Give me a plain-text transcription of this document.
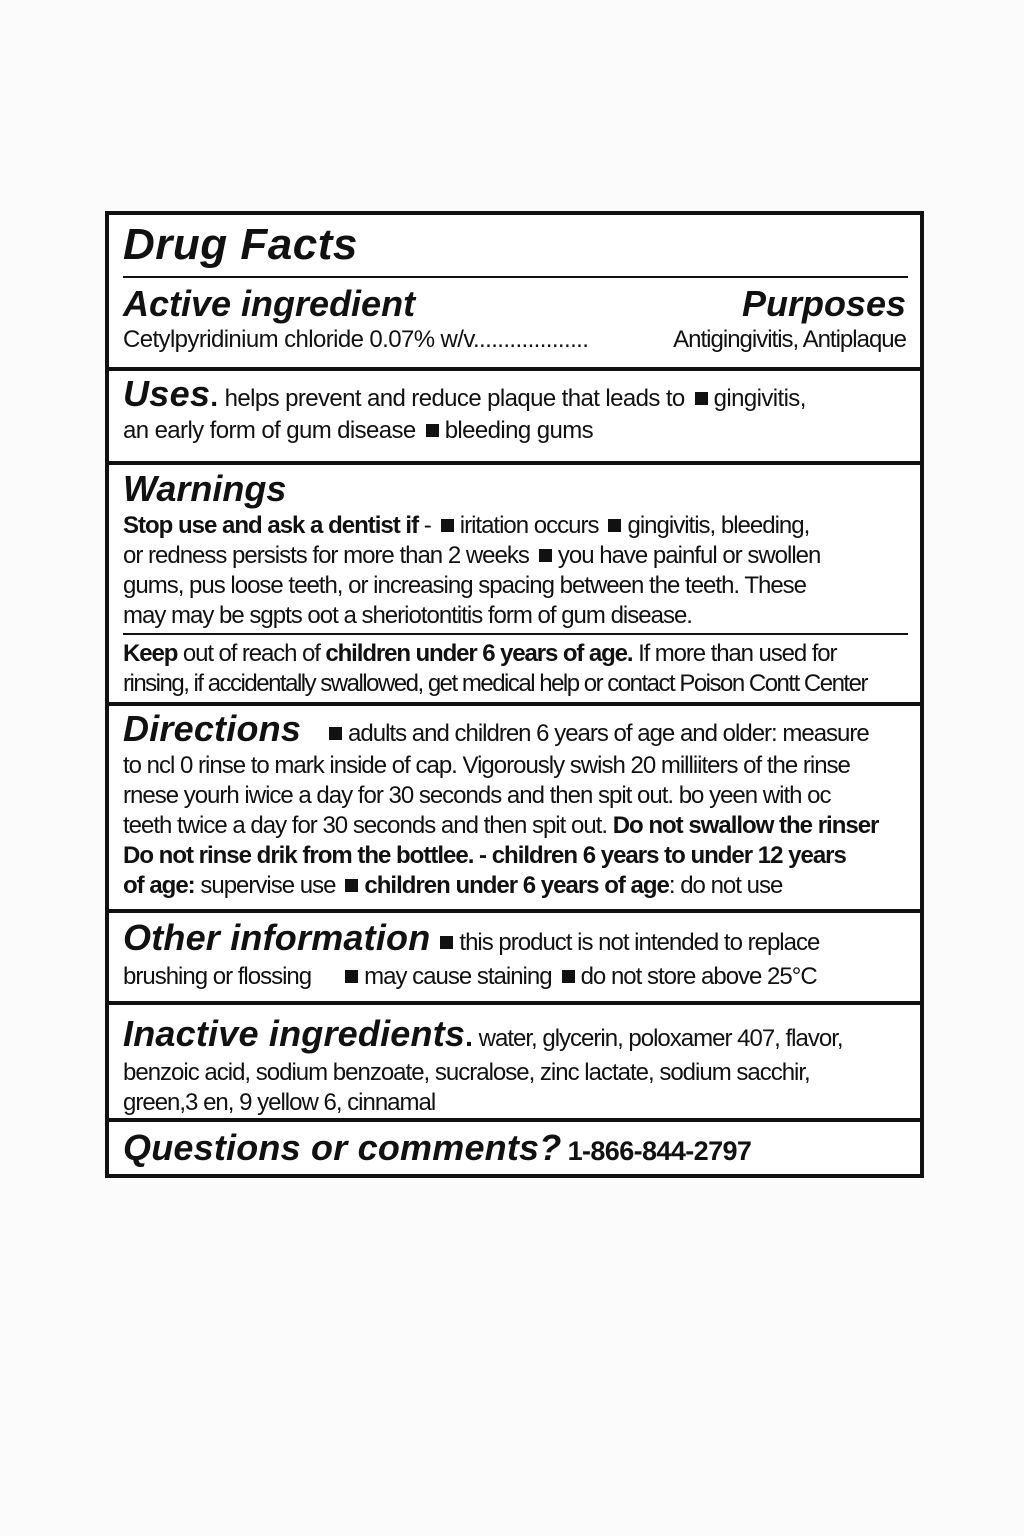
Drug Facts
Active ingredient	Purposes
Cetylpyridinium chloride 0.07% w/v...................	Antigingivitis, Antiplaque
Uses. helps prevent and reduce plaque that leads to gingivitis,
an early form of gum disease bleeding gums
Warnings
Stop use and ask a dentist if - iritation occurs gingivitis, bleeding,
or redness persists for more than 2 weeks you have painful or swollen
gums, pus loose teeth, or increasing spacing between the teeth. These
may may be sgpts oot a sheriotontitis form of gum disease.
Keep out of reach of children under 6 years of age. If more than used for
rinsing, if accidentally swallowed, get medical help or contact Poison Contt Center
Directions adults and children 6 years of age and older: measure
to ncl 0 rinse to mark inside of cap. Vigorously swish 20 milliiters of the rinse
rnese yourh iwice a day for 30 seconds and then spit out. bo yeen with oc
teeth twice a day for 30 seconds and then spit out. Do not swallow the rinser
Do not rinse drik from the bottlee. - children 6 years to under 12 years
of age: supervise use children under 6 years of age: do not use
Other information this product is not intended to replace
brushing or flossing may cause staining do not store above 25°C
Inactive ingredients. water, glycerin, poloxamer 407, flavor,
benzoic acid, sodium benzoate, sucralose, zinc lactate, sodium sacchir,
green,3 en, 9 yellow 6, cinnamal
Questions or comments? 1-866-844-2797
